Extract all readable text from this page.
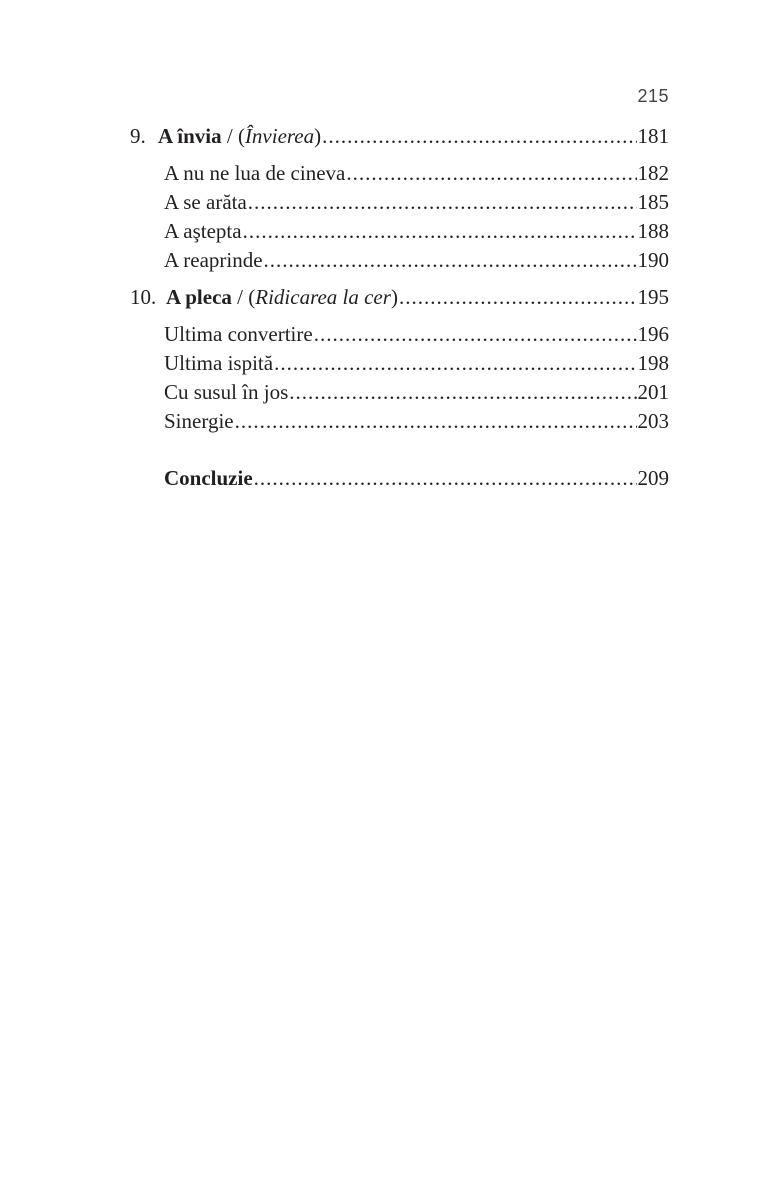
215
9. A învia / (Învierea) .....	181
A nu ne lua de cineva .....	182
A se arăta .....	185
A aştepta .....	188
A reaprinde .....	190
10. A pleca / (Ridicarea la cer) .....	195
Ultima convertire .....	196
Ultima ispită .....	198
Cu susul în jos .....	201
Sinergie .....	203
Concluzie .....	209
